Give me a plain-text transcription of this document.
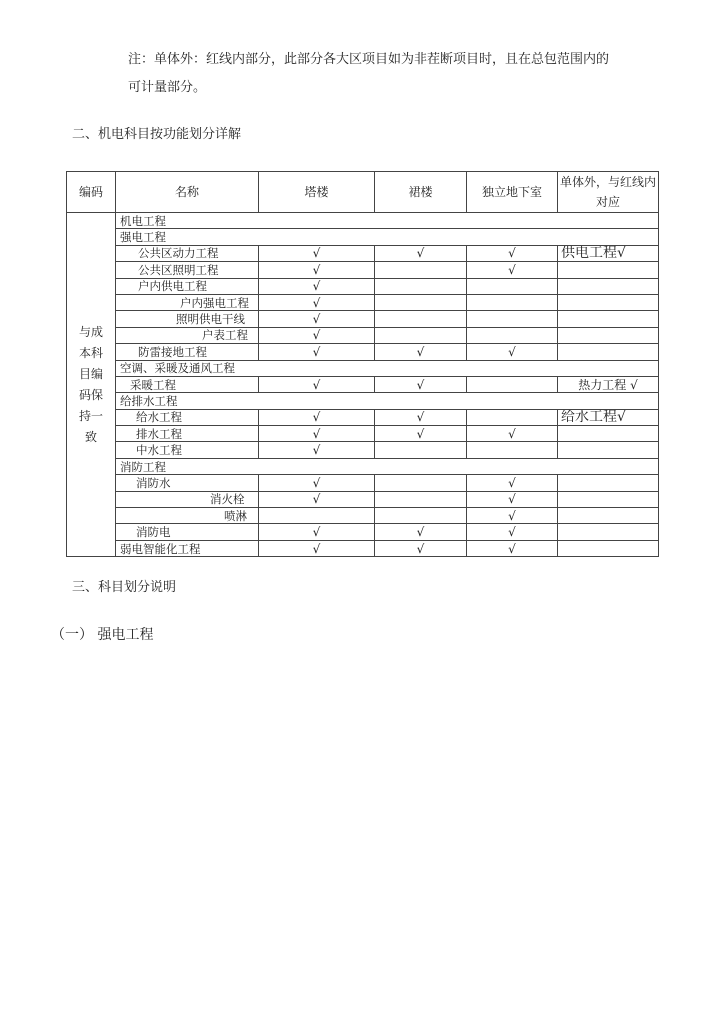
注：单体外：红线内部分，此部分各大区项目如为非茬断项目时，且在总包范围内的
可计量部分。
二、机电科目按功能划分详解
编码	名称	塔楼	裙楼	独立地下室	单体外，与红线内对应

与成本科目编码保持一致	机电工程				
	强电工程				
	公共区动力工程	√	√	√	供电工程√
	公共区照明工程	√		√	
	户内供电工程	√			
	户内强电工程	√			
	照明供电干线	√			
	户表工程	√			
	防雷接地工程	√	√	√	
	空调、采暖及通风工程				
	采暖工程	√	√		热力工程 √
	给排水工程				
	给水工程	√	√		给水工程√
	排水工程	√	√	√	
	中水工程	√			
	消防工程				
	消防水	√		√	
	消火栓	√		√	
	喷淋			√	
	消防电	√	√	√	
	弱电智能化工程	√	√	√	
三、科目划分说明
（一） 强电工程
